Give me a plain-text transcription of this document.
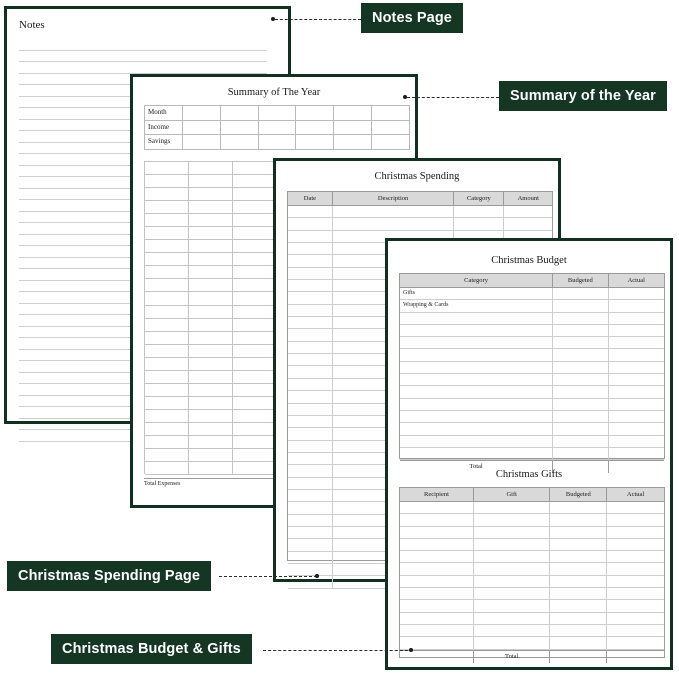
Notes
Summary of The Year
Month
Income
Savings
Total Expenses
Christmas Spending
Date	Description	Category	Amount
Christmas Budget
Category	Budgeted	Actual
Gifts
Wrapping & Cards
Total
Christmas Gifts
Recipient	Gift	Budgeted	Actual
Total
Notes Page
Summary of the Year
Christmas Spending Page
Christmas Budget & Gifts
